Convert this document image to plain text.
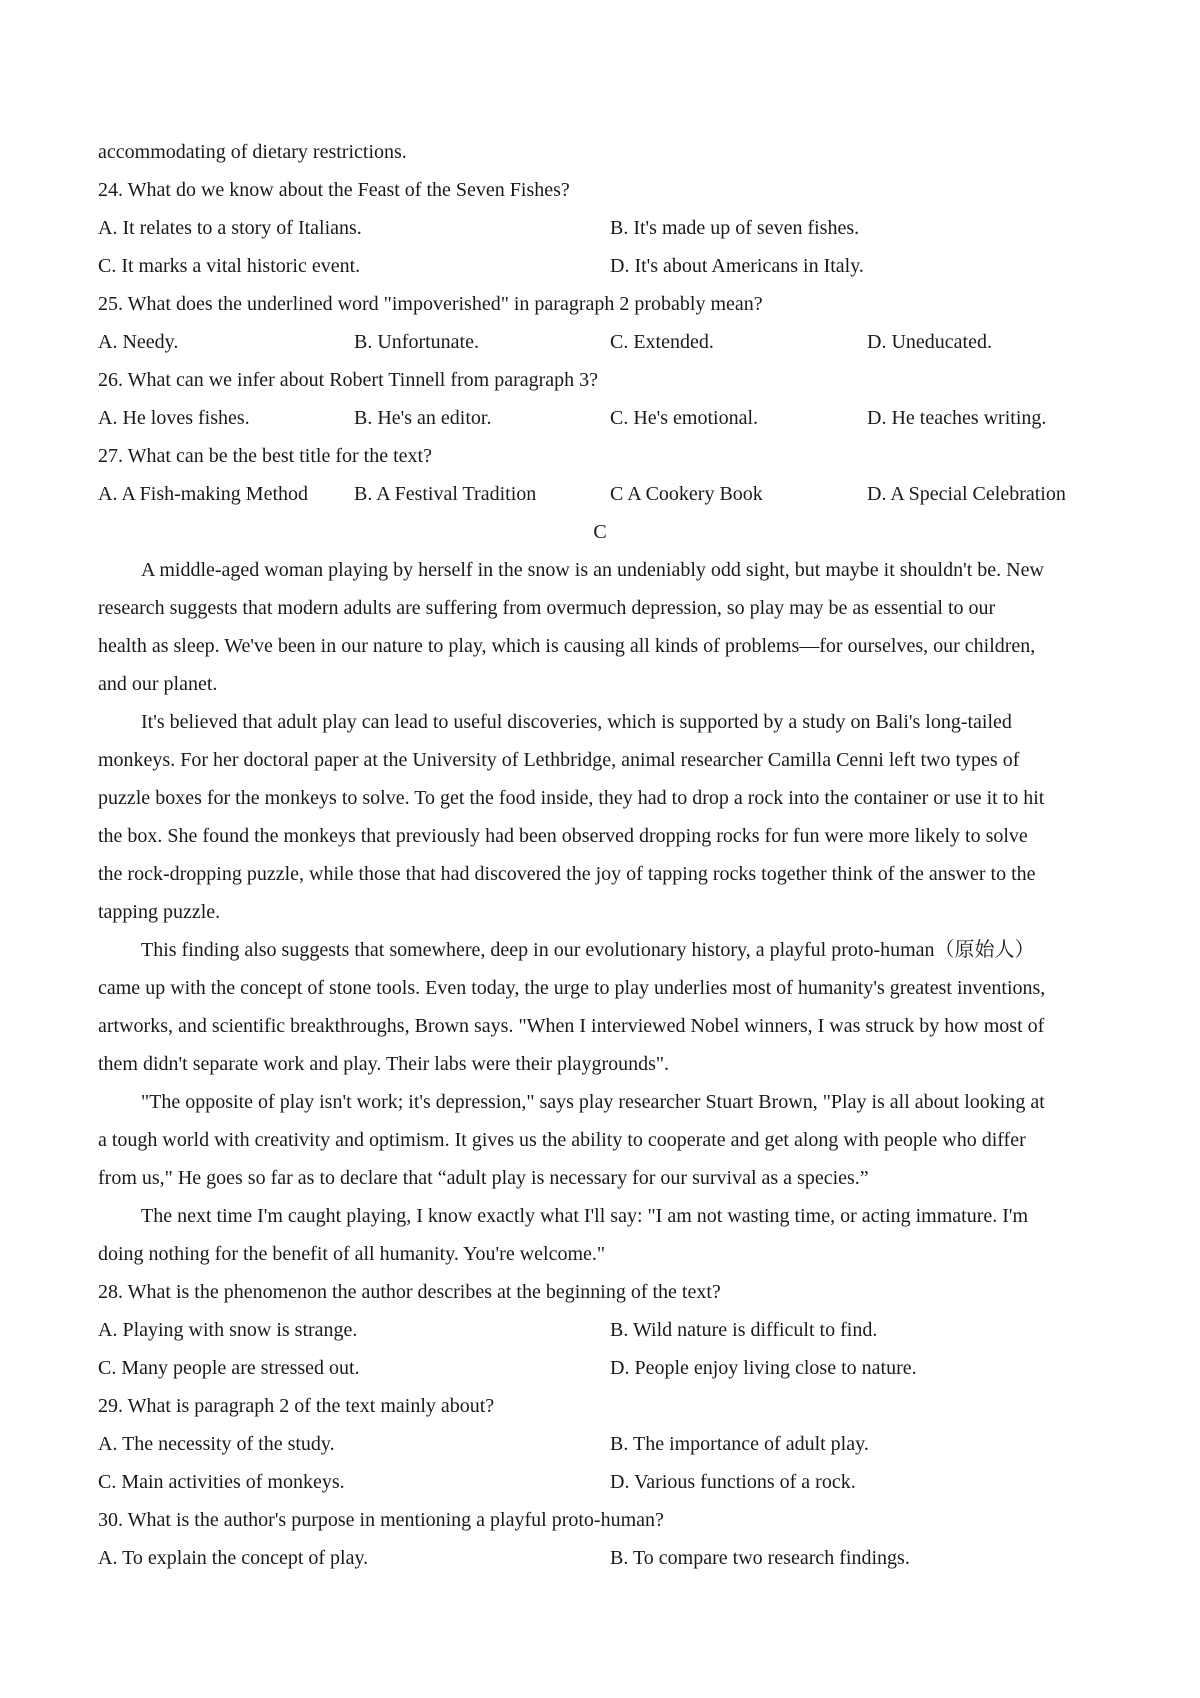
accommodating of dietary restrictions.
24. What do we know about the Feast of the Seven Fishes?
A. It relates to a story of Italians.	B. It's made up of seven fishes.
C. It marks a vital historic event.	D. It's about Americans in Italy.
25. What does the underlined word "impoverished" in paragraph 2 probably mean?
A. Needy.	B. Unfortunate.	C. Extended.	D. Uneducated.
26. What can we infer about Robert Tinnell from paragraph 3?
A. He loves fishes.	B. He's an editor.	C. He's emotional.	D. He teaches writing.
27. What can be the best title for the text?
A. A Fish-making Method B. A Festival Tradition	C A Cookery Book	D. A Special Celebration
C
A middle-aged woman playing by herself in the snow is an undeniably odd sight, but maybe it shouldn't be. New
research suggests that modern adults are suffering from overmuch depression, so play may be as essential to our
health as sleep. We've been in our nature to play, which is causing all kinds of problems—for ourselves, our children,
and our planet.
It's believed that adult play can lead to useful discoveries, which is supported by a study on Bali's long-tailed
monkeys. For her doctoral paper at the University of Lethbridge, animal researcher Camilla Cenni left two types of
puzzle boxes for the monkeys to solve. To get the food inside, they had to drop a rock into the container or use it to hit
the box. She found the monkeys that previously had been observed dropping rocks for fun were more likely to solve
the rock-dropping puzzle, while those that had discovered the joy of tapping rocks together think of the answer to the
tapping puzzle.
This finding also suggests that somewhere, deep in our evolutionary history, a playful proto-human（原始人）
came up with the concept of stone tools. Even today, the urge to play underlies most of humanity's greatest inventions,
artworks, and scientific breakthroughs, Brown says. "When I interviewed Nobel winners, I was struck by how most of
them didn't separate work and play. Their labs were their playgrounds".
"The opposite of play isn't work; it's depression," says play researcher Stuart Brown, "Play is all about looking at
a tough world with creativity and optimism. It gives us the ability to cooperate and get along with people who differ
from us," He goes so far as to declare that “adult play is necessary for our survival as a species.”
The next time I'm caught playing, I know exactly what I'll say: "I am not wasting time, or acting immature. I'm
doing nothing for the benefit of all humanity. You're welcome."
28. What is the phenomenon the author describes at the beginning of the text?
A. Playing with snow is strange.	B. Wild nature is difficult to find.
C. Many people are stressed out.	D. People enjoy living close to nature.
29. What is paragraph 2 of the text mainly about?
A. The necessity of the study.	B. The importance of adult play.
C. Main activities of monkeys.	D. Various functions of a rock.
30. What is the author's purpose in mentioning a playful proto-human?
A. To explain the concept of play.	B. To compare two research findings.
